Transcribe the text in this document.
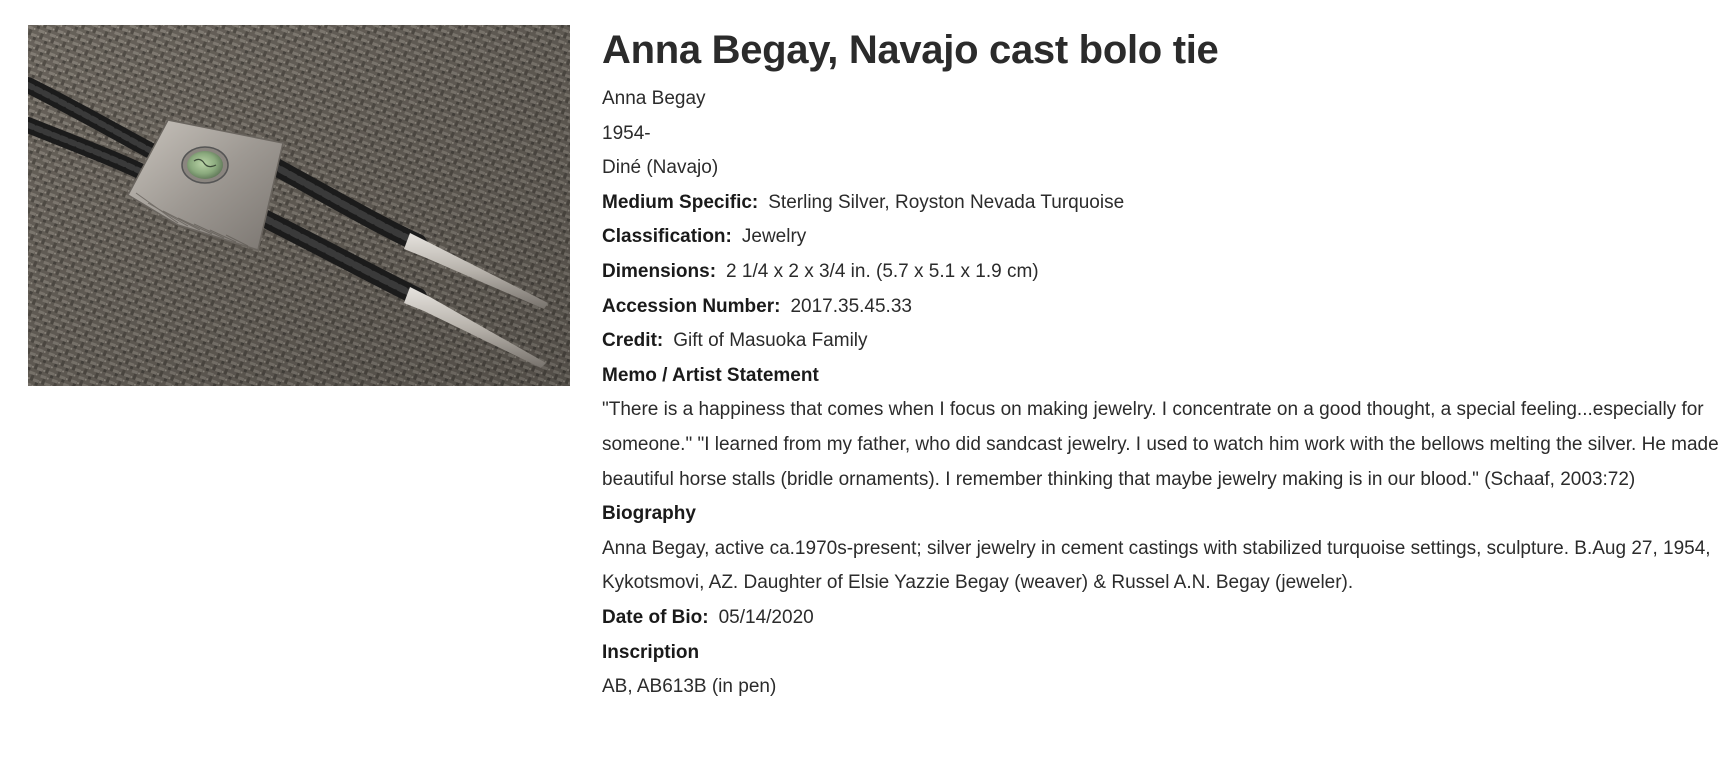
Anna Begay, Navajo cast bolo tie

Anna Begay

1954-

Diné (Navajo)

Medium Specific: Sterling Silver, Royston Nevada Turquoise

Classification: Jewelry

Dimensions: 2 1/4 x 2 x 3/4 in. (5.7 x 5.1 x 1.9 cm)

Accession Number: 2017.35.45.33

Credit: Gift of Masuoka Family

Memo / Artist Statement

"There is a happiness that comes when I focus on making jewelry. I concentrate on a good thought, a special feeling...especially for someone." "I learned from my father, who did sandcast jewelry. I used to watch him work with the bellows melting the silver. He made beautiful horse stalls (bridle ornaments). I remember thinking that maybe jewelry making is in our blood." (Schaaf, 2003:72)

Biography

Anna Begay, active ca.1970s-present; silver jewelry in cement castings with stabilized turquoise settings, sculpture. B.Aug 27, 1954, Kykotsmovi, AZ. Daughter of Elsie Yazzie Begay (weaver) & Russel A.N. Begay (jeweler).

Date of Bio: 05/14/2020

Inscription

AB, AB613B (in pen)
